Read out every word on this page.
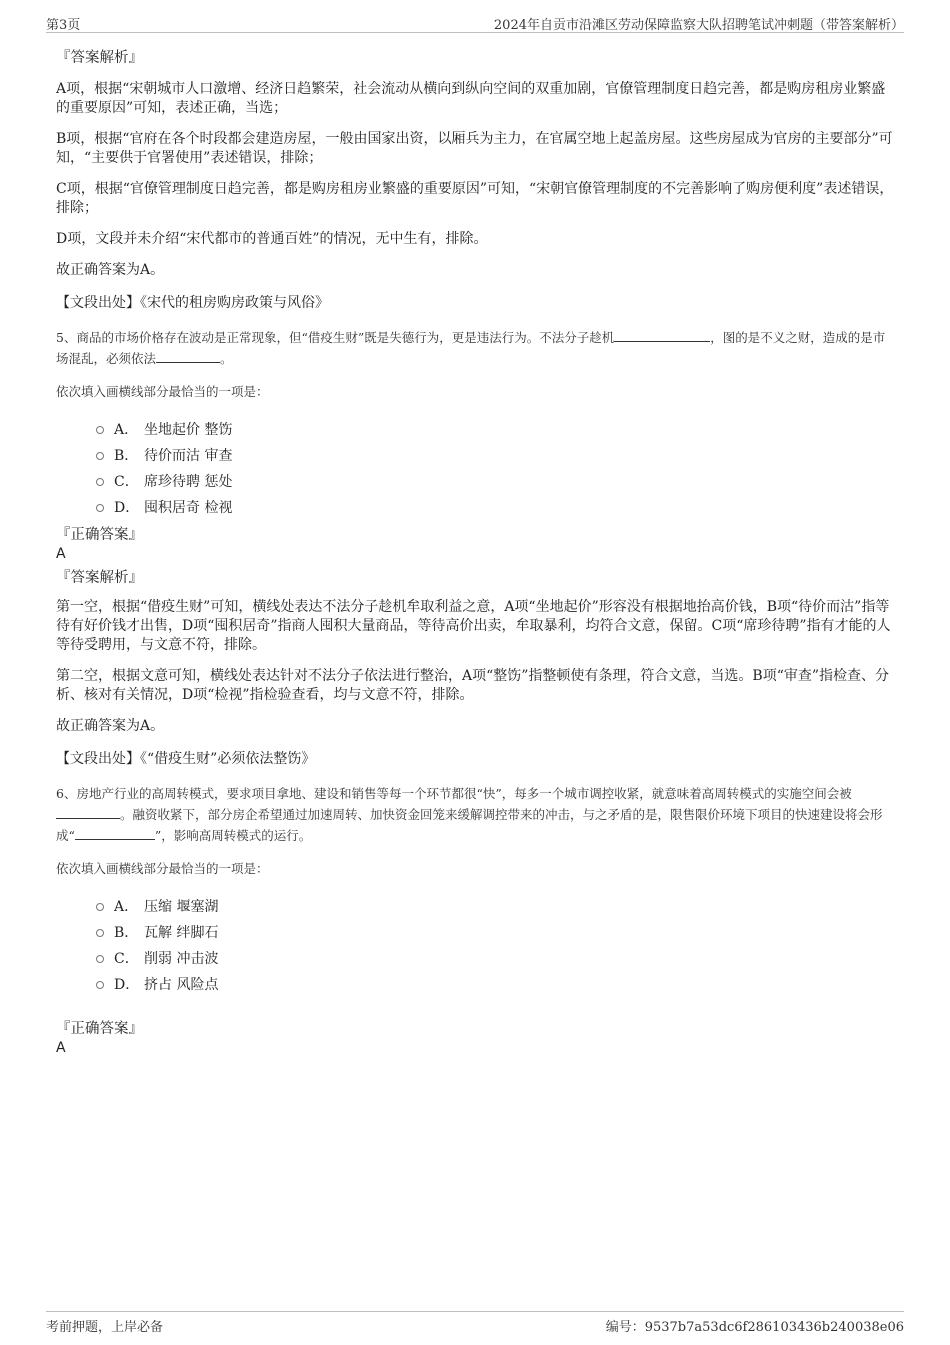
第3页	2024年自贡市沿滩区劳动保障监察大队招聘笔试冲刺题（带答案解析）

『答案解析』

A项，根据“宋朝城市人口激增、经济日趋繁荣，社会流动从横向到纵向空间的双重加剧，官僚管理制度日趋完善，都是购房租房业繁盛的重要原因”可知，表述正确，当选；

B项，根据“官府在各个时段都会建造房屋，一般由国家出资，以厢兵为主力，在官属空地上起盖房屋。这些房屋成为官房的主要部分”可知，“主要供于官署使用”表述错误，排除；

C项，根据“官僚管理制度日趋完善，都是购房租房业繁盛的重要原因”可知，“宋朝官僚管理制度的不完善影响了购房便利度”表述错误，排除；

D项，文段并未介绍“宋代都市的普通百姓”的情况，无中生有，排除。

故正确答案为A。

【文段出处】《宋代的租房购房政策与风俗》

5、商品的市场价格存在波动是正常现象，但“借疫生财”既是失德行为，更是违法行为。不法分子趁机	，图的是不义之财，造成的是市场混乱，必须依法	。

依次填入画横线部分最恰当的一项是：

A． 坐地起价 整饬
B． 待价而沽 审查
C． 席珍待聘 惩处
D． 囤积居奇 检视

『正确答案』

A

『答案解析』

第一空，根据“借疫生财”可知，横线处表达不法分子趁机牟取利益之意，A项“坐地起价”形容没有根据地抬高价钱，B项“待价而沽”指等待有好价钱才出售，D项“囤积居奇”指商人囤积大量商品，等待高价出卖，牟取暴利，均符合文意，保留。C项“席珍待聘”指有才能的人等待受聘用，与文意不符，排除。

第二空，根据文意可知，横线处表达针对不法分子依法进行整治，A项“整饬”指整顿使有条理，符合文意，当选。B项“审查”指检查、分析、核对有关情况，D项“检视”指检验查看，均与文意不符，排除。

故正确答案为A。

【文段出处】《“借疫生财”必须依法整饬》

6、房地产行业的高周转模式，要求项目拿地、建设和销售等每一个环节都很“快”，每多一个城市调控收紧，就意味着高周转模式的实施空间会被。融资收紧下，部分房企希望通过加速周转、加快资金回笼来缓解调控带来的冲击，与之矛盾的是，限售限价环境下项目的快速建设将会形成“	”，影响高周转模式的运行。

依次填入画横线部分最恰当的一项是：

A． 压缩 堰塞湖
B． 瓦解 绊脚石
C． 削弱 冲击波
D． 挤占 风险点

『正确答案』

A

考前押题，上岸必备	编号：9537b7a53dc6f286103436b240038e06
